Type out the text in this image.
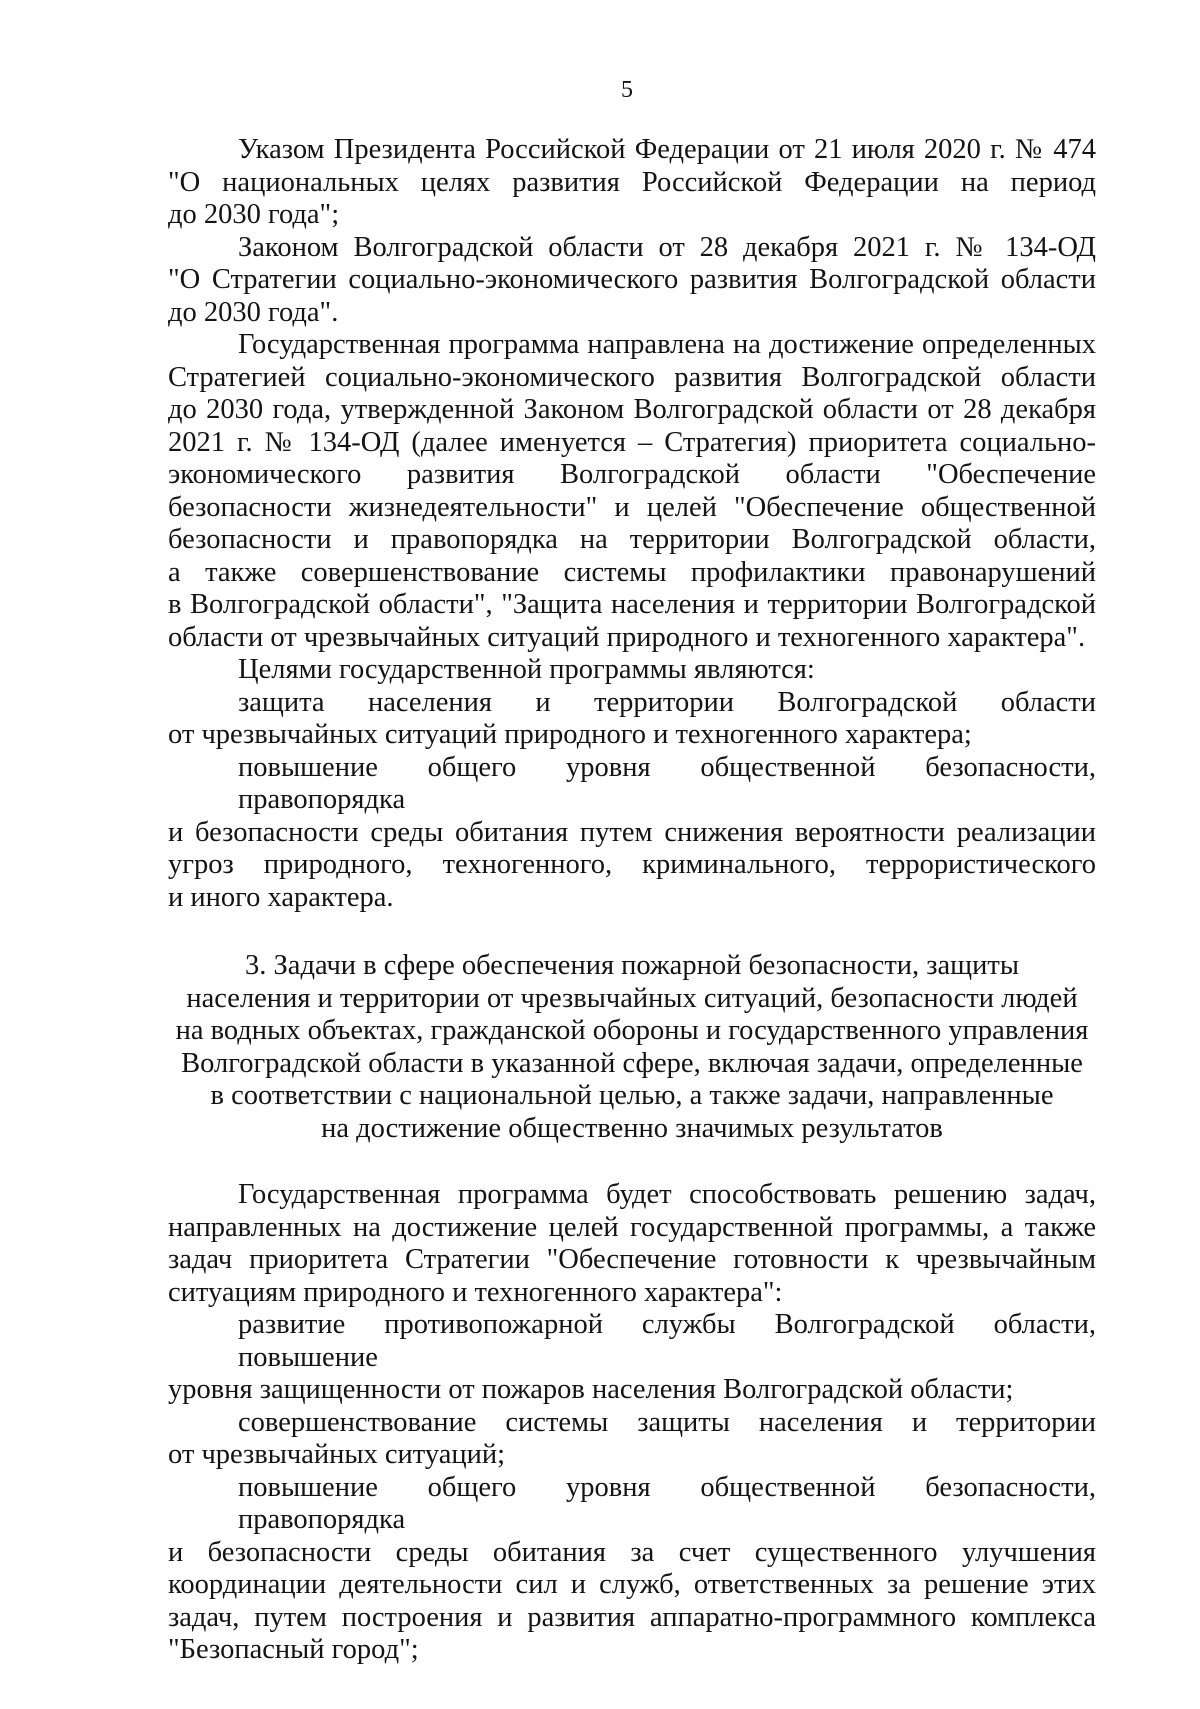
5
Указом Президента Российской Федерации от 21 июля 2020 г. № 474
"О национальных целях развития Российской Федерации на период
до 2030 года";
Законом Волгоградской области от 28 декабря 2021 г. № 134-ОД
"О Стратегии социально-экономического развития Волгоградской области
до 2030 года".
Государственная программа направлена на достижение определенных
Стратегией социально-экономического развития Волгоградской области
до 2030 года, утвержденной Законом Волгоградской области от 28 декабря
2021 г. № 134-ОД (далее именуется – Стратегия) приоритета социально-
экономического развития Волгоградской области "Обеспечение
безопасности жизнедеятельности" и целей "Обеспечение общественной
безопасности и правопорядка на территории Волгоградской области,
а также совершенствование системы профилактики правонарушений
в Волгоградской области", "Защита населения и территории Волгоградской
области от чрезвычайных ситуаций природного и техногенного характера".
Целями государственной программы являются:
защита населения и территории Волгоградской области
от чрезвычайных ситуаций природного и техногенного характера;
повышение общего уровня общественной безопасности, правопорядка
и безопасности среды обитания путем снижения вероятности реализации
угроз природного, техногенного, криминального, террористического
и иного характера.
3. Задачи в сфере обеспечения пожарной безопасности, защиты
населения и территории от чрезвычайных ситуаций, безопасности людей
на водных объектах, гражданской обороны и государственного управления
Волгоградской области в указанной сфере, включая задачи, определенные
в соответствии с национальной целью, а также задачи, направленные
на достижение общественно значимых результатов
Государственная программа будет способствовать решению задач,
направленных на достижение целей государственной программы, а также
задач приоритета Стратегии "Обеспечение готовности к чрезвычайным
ситуациям природного и техногенного характера":
развитие противопожарной службы Волгоградской области, повышение
уровня защищенности от пожаров населения Волгоградской области;
совершенствование системы защиты населения и территории
от чрезвычайных ситуаций;
повышение общего уровня общественной безопасности, правопорядка
и безопасности среды обитания за счет существенного улучшения
координации деятельности сил и служб, ответственных за решение этих
задач, путем построения и развития аппаратно-программного комплекса
"Безопасный город";
